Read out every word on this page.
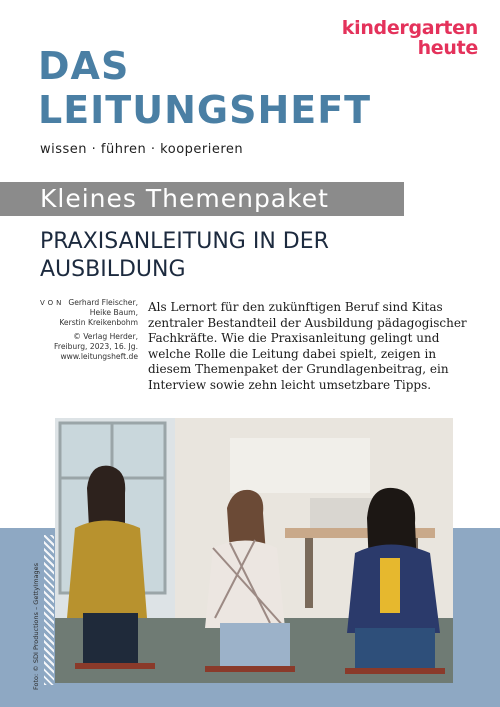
kindergarten
heute
DAS
LEITUNGSHEFT
wissen · führen · kooperieren
Kleines Themenpaket
PRAXISANLEITUNG IN DER
AUSBILDUNG
VON Gerhard Fleischer,
Heike Baum,
Kerstin Kreikenbohm
© Verlag Herder,
Freiburg, 2023, 16. Jg.
www.leitungsheft.de
Als Lernort für den zukünftigen Beruf sind Kitas zentraler Bestandteil der Ausbildung pädagogischer Fachkräfte. Wie die Praxisanleitung gelingt und welche Rolle die Leitung dabei spielt, zeigen in diesem Themenpaket der Grundlagenbeitrag, ein Interview sowie zehn leicht umsetzbare Tipps.
Foto: © SDI Productions – GettyImages
